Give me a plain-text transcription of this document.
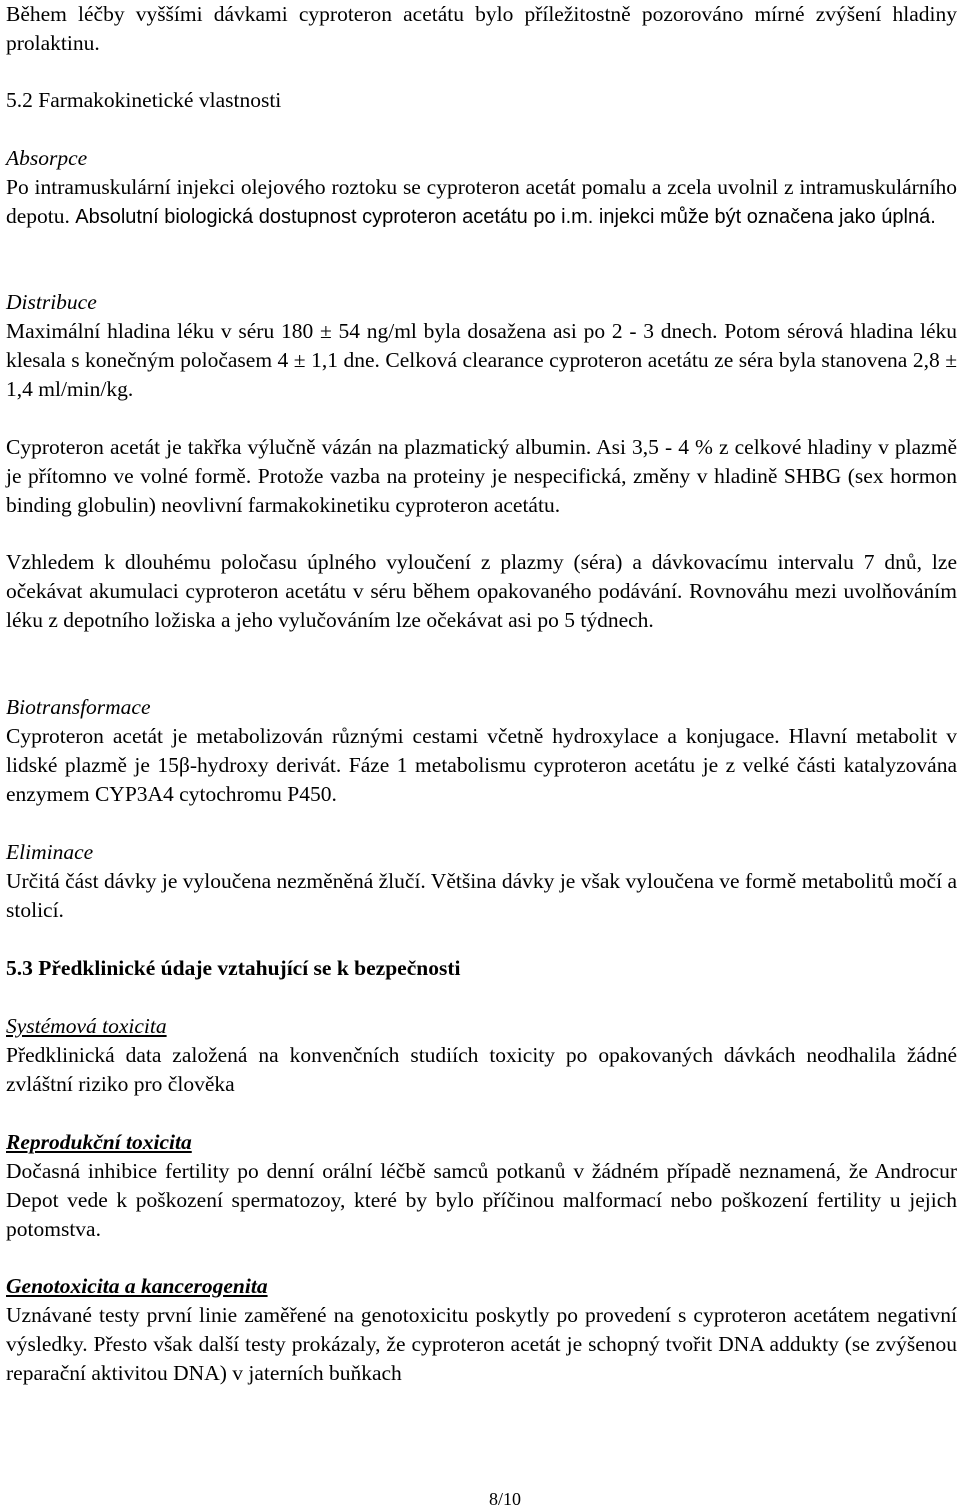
Během léčby vyššími dávkami cyproteron acetátu bylo příležitostně pozorováno mírné zvýšení hladiny prolaktinu.

5.2 Farmakokinetické vlastnosti

Absorpce

Po intramuskulární injekci olejového roztoku se cyproteron acetát pomalu a zcela uvolnil z intramuskulárního depotu. Absolutní biologická dostupnost cyproteron acetátu po i.m. injekci může být označena jako úplná.

Distribuce

Maximální hladina léku v séru 180 ± 54 ng/ml byla dosažena asi po 2 - 3 dnech. Potom sérová hladina léku klesala s konečným poločasem 4 ± 1,1 dne. Celková clearance cyproteron acetátu ze séra byla stanovena 2,8 ± 1,4 ml/min/kg.

Cyproteron acetát je takřka výlučně vázán na plazmatický albumin. Asi 3,5 - 4 % z celkové hladiny v plazmě je přítomno ve volné formě. Protože vazba na proteiny je nespecifická, změny v hladině SHBG (sex hormon binding globulin) neovlivní farmakokinetiku cyproteron acetátu.

Vzhledem k dlouhému poločasu úplného vyloučení z plazmy (séra) a dávkovacímu intervalu 7 dnů, lze očekávat akumulaci cyproteron acetátu v séru během opakovaného podávání. Rovnováhu mezi uvolňováním léku z depotního ložiska a jeho vylučováním lze očekávat asi po 5 týdnech.

Biotransformace

Cyproteron acetát je metabolizován různými cestami včetně hydroxylace a konjugace. Hlavní metabolit v lidské plazmě je 15β-hydroxy derivát. Fáze 1 metabolismu cyproteron acetátu je z velké části katalyzována enzymem CYP3A4 cytochromu P450.

Eliminace

Určitá část dávky je vyloučena nezměněná žlučí. Většina dávky je však vyloučena ve formě metabolitů močí a stolicí.

5.3 Předklinické údaje vztahující se k bezpečnosti

Systémová toxicita

Předklinická data založená na konvenčních studiích toxicity po opakovaných dávkách neodhalila žádné zvláštní riziko pro člověka

Reprodukční toxicita

Dočasná inhibice fertility po denní orální léčbě samců potkanů v žádném případě neznamená, že Androcur Depot vede k poškození spermatozoy, které by bylo příčinou malformací nebo poškození fertility u jejich potomstva.

Genotoxicita a kancerogenita

Uznávané testy první linie zaměřené na genotoxicitu poskytly po provedení s cyproteron acetátem negativní výsledky. Přesto však další testy prokázaly, že cyproteron acetát je schopný tvořit DNA addukty (se zvýšenou reparační aktivitou DNA) v jaterních buňkach

8/10
